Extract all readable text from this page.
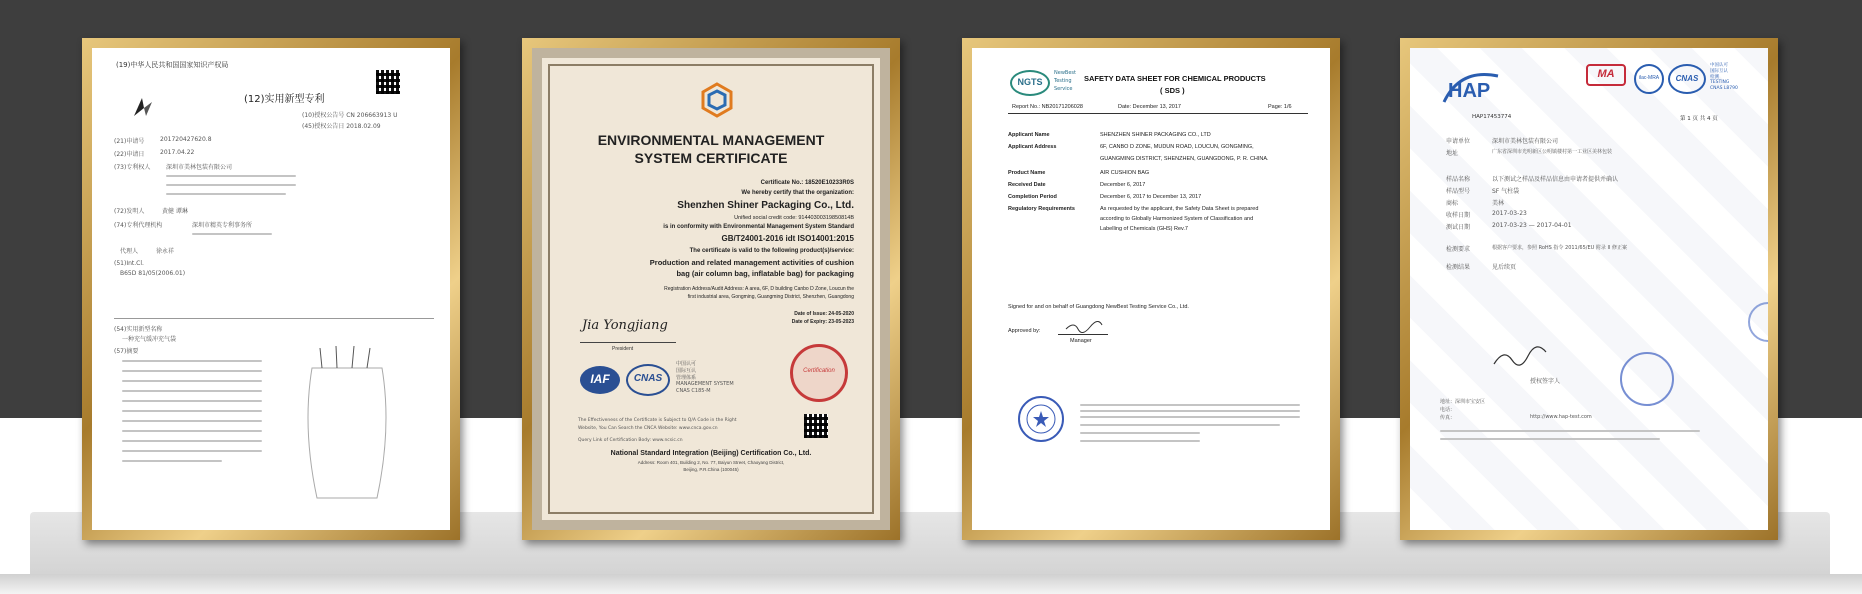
(19)中华人民共和国国家知识产权局
(12)实用新型专利
(10)授权公告号 CN 206663913 U
(45)授权公告日 2018.02.09
(21)申请号	201720427620.8
(22)申请日	2017.04.22
(73)专利权人	深圳市美林包装有限公司
(72)发明人	黄健 谭琳
(74)专利代理机构	深圳市精英专利事务所
代理人	徐永祥
(51)Int.Cl.
B65D 81/05(2006.01)
(54)实用新型名称
一种充气缓冲充气袋
(57)摘要
ENVIRONMENTAL MANAGEMENT
SYSTEM CERTIFICATE
Certificate No.: 18520E10233R0S
We hereby certify that the organization:
Shenzhen Shiner Packaging Co., Ltd.
Unified social credit code: 91440300319850814B
is in conformity with Environmental Management System Standard
GB/T24001-2016 idt ISO14001:2015
The certificate is valid to the following product(s)/service:
Production and related management activities of cushion
bag (air column bag, inflatable bag) for packaging
Registration Address/Audit Address: A area, 6F, D building Canbo D Zone, Loucun the
first industrial area, Gongming, Guangming District, Shenzhen, Guangdong
Date of Issue: 24-05-2020
Date of Expiry: 23-05-2023
Jia Yongjiang
President
IAF	CNAS
中国认可
国际互认
管理体系
MANAGEMENT SYSTEM
CNAS C185-M
Certification
The Effectiveness of the Certificate is Subject to Q/A Code in the Right
Website, You Can Search the CNCA Website: www.cnca.gov.cn
Query Link of Certification Body: www.ncsic.cn
National Standard Integration (Beijing) Certification Co., Ltd.
Address: Room 401, Building 2, No. 77, Baiyun Street, Chaoyang District,
Beijing, P.R.China (100045)
NGTS
NewBest
Testing
Service
SAFETY DATA SHEET FOR CHEMICAL PRODUCTS
( SDS )
Report No.: NB20171206028	Date: December 13, 2017	Page: 1/6
Applicant Name	SHENZHEN SHINER PACKAGING CO., LTD
Applicant Address	6F, CANBO D ZONE, MUDUN ROAD, LOUCUN, GONGMING,
GUANGMING DISTRICT, SHENZHEN, GUANGDONG, P. R. CHINA.
Product Name	AIR CUSHION BAG
Received Date	December 6, 2017
Completion Period	December 6, 2017 to December 13, 2017
Regulatory Requirements	As requested by the applicant, the Safety Data Sheet is prepared
according to Globally Harmonized System of Classification and
Labelling of Chemicals (GHS) Rev.7
Signed for and on behalf of Guangdong NewBest Testing Service Co., Ltd.
Approved by:
Manager
HAP
MA	ilac-MRA	CNAS
中国认可
国际互认
检测
TESTING
CNAS L8790
HAP17453774	第 1 页 共 4 页
申请单位	深圳市美林包装有限公司
地址	广东省深圳市光明新区公明镇楼村第一工业区美林包装
样品名称	以下测试之样品及样品信息由申请者提供并确认
样品型号	SF 气柱袋
商标	美林
收样日期	2017-03-23
测试日期	2017-03-23 — 2017-04-01
检测要求	根据客户要求，参照 RoHS 指令 2011/65/EU 附录 II 修正案
检测结果	见后续页
授权签字人
地址：深圳市宝安区
电话：
传真：	http://www.hap-test.com
